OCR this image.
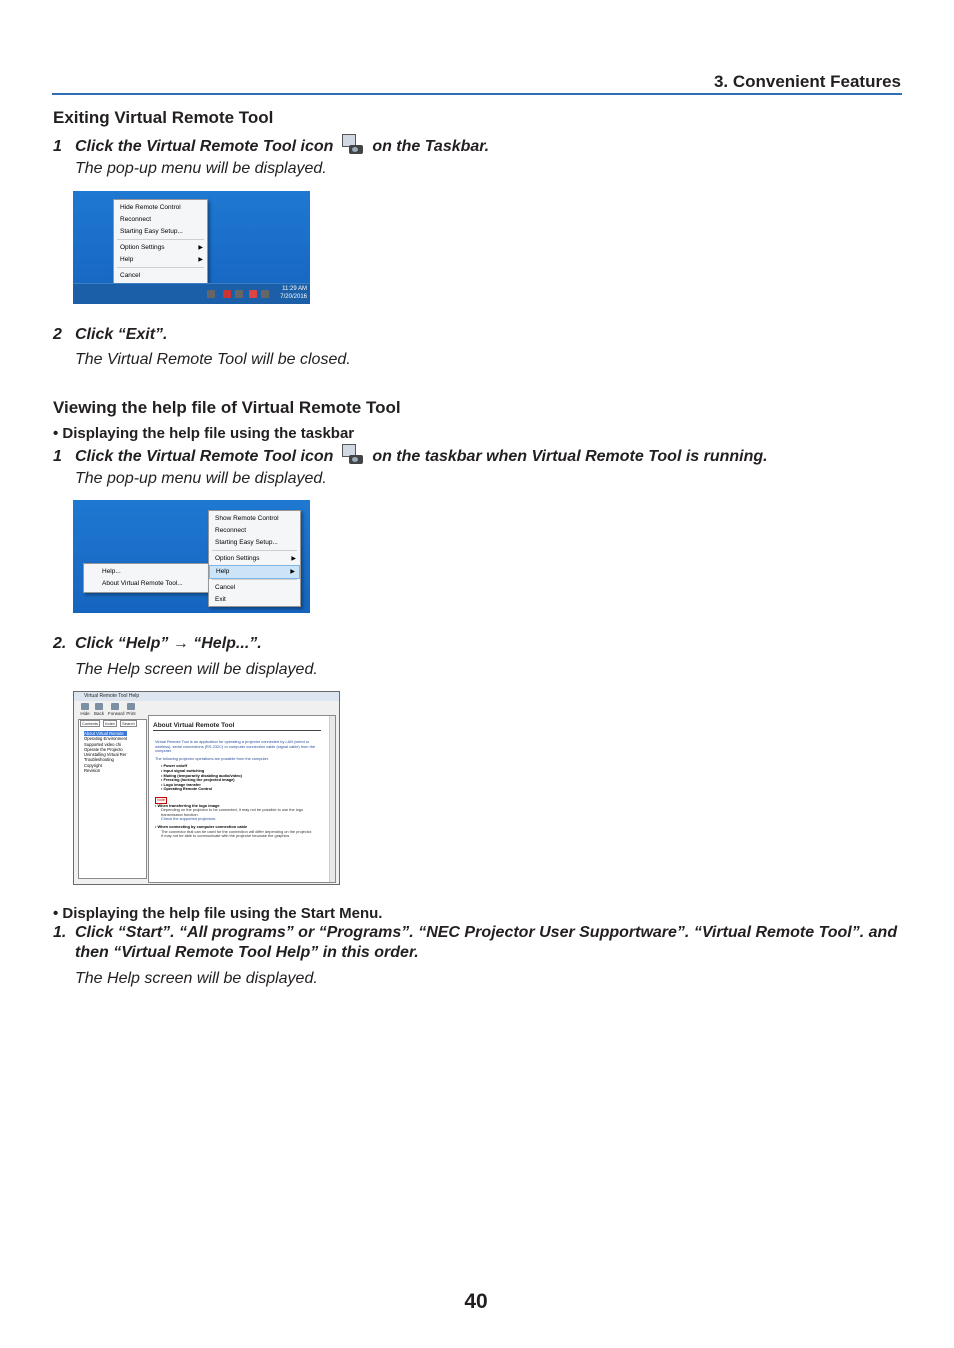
3. Convenient Features
Exiting Virtual Remote Tool
1 Click the Virtual Remote Tool icon on the Taskbar.
The pop-up menu will be displayed.
Hide Remote Control
Reconnect
Starting Easy Setup...
Option Settings	▶
Help	▶
Cancel
11:29 AM
7/20/2016
2 Click “Exit”.
The Virtual Remote Tool will be closed.
Viewing the help file of Virtual Remote Tool
• Displaying the help file using the taskbar
1 Click the Virtual Remote Tool icon on the taskbar when Virtual Remote Tool is running.
The pop-up menu will be displayed.
Help...
About Virtual Remote Tool...
Show Remote Control
Reconnect
Starting Easy Setup...
Option Settings	▶
Help	▶
Cancel
Exit
2. Click “Help” → “Help...”.
The Help screen will be displayed.
Virtual Remote Tool Help
Hide Back Forward Print
Contents Index Search
About Virtual Remote
Operating Environment
Supported video chi
Operate the Projecto
Uninstalling Virtual Rer
Troubleshooting
Copyright
Revision
About Virtual Remote Tool
Virtual Remote Tool is an application for operating a projector connected by LAN (wired or wireless), serial connections (RS-232C) or computer connection cable (signal cable) from the computer.
The following projector operations are possible from the computer.
• Power on/off
• Input signal switching
• Muting (temporarily disabling audio/video)
• Freezing (locking the projected image)
• Logo image transfer
• Operating Remote Control
Note
• When transferring the logo image
Depending on the projector to be connected, it may not be possible to use the logo transmission function.
Check the supported projectors.
• When connecting by computer connection cable
The connector that can be used for the connection will differ depending on the projector.
It may not be able to communicate with the projector because the graphics
• Displaying the help file using the Start Menu.
1. Click “Start”. “All programs” or “Programs”. “NEC Projector User Supportware”. “Virtual Remote Tool”. and
then “Virtual Remote Tool Help” in this order.
The Help screen will be displayed.
40
